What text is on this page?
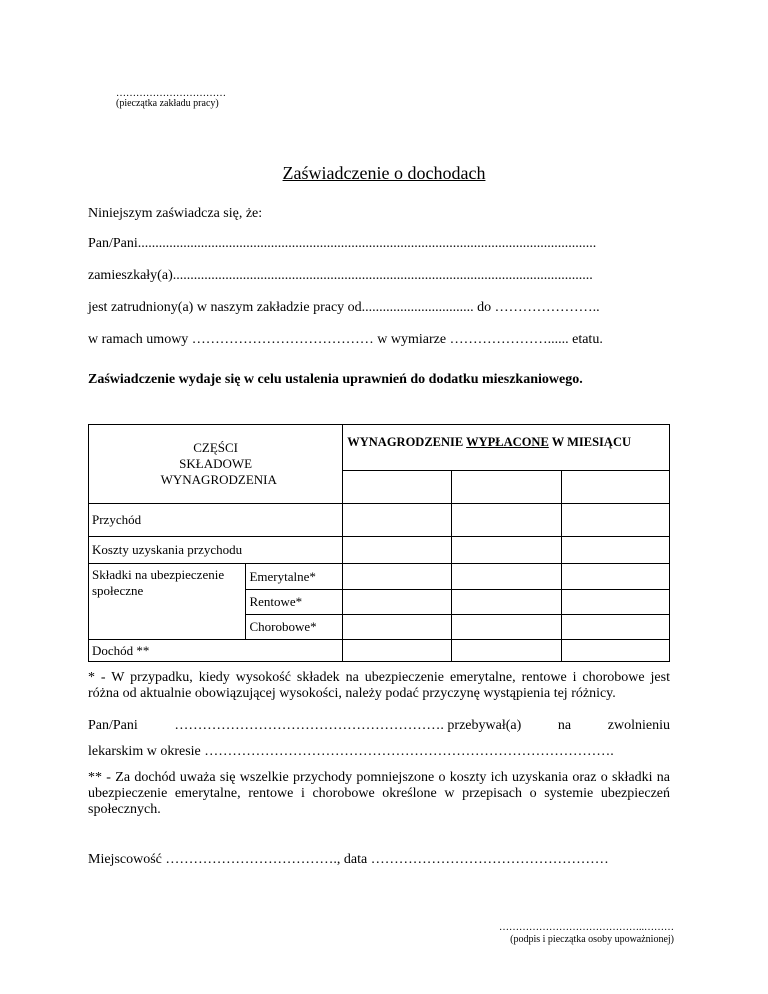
……………………………
(pieczątka zakładu pracy)
Zaświadczenie o dochodach
Niniejszym zaświadcza się, że:
Pan/Pani...................................................................................................................................
zamieszkały(a)........................................................................................................................
jest zatrudniony(a) w naszym zakładzie pracy od................................ do …………………..
w ramach umowy ………………………………… w wymiarze …………………...... etatu.
Zaświadczenie wydaje się w celu ustalenia uprawnień do dodatku mieszkaniowego.
CZĘŚCI SKŁADOWE WYNAGRODZENIA		WYNAGRODZENIE WYPŁACONE W MIESIĄCU		

Przychód				
Koszty uzyskania przychodu				
Składki na ubezpieczenie społeczne	Emerytalne*			
	Rentowe*			
	Chorobowe*			
Dochód **				
* - W przypadku, kiedy wysokość składek na ubezpieczenie emerytalne, rentowe i chorobowe jest różna od aktualnie obowiązującej wysokości, należy podać przyczynę wystąpienia tej różnicy.
Pan/Pani	…………………………………………………. przebywał(a)	na	zwolnieniu
lekarskim w okresie …………………………………………………………………………….
** - Za dochód uważa się wszelkie przychody pomniejszone o koszty ich uzyskania oraz o składki na ubezpieczenie emerytalne, rentowe i chorobowe określone w przepisach o systemie ubezpieczeń społecznych.
Miejscowość ………………………………., data ……………………………………………
……………………………………..………
(podpis i pieczątka osoby upoważnionej)
